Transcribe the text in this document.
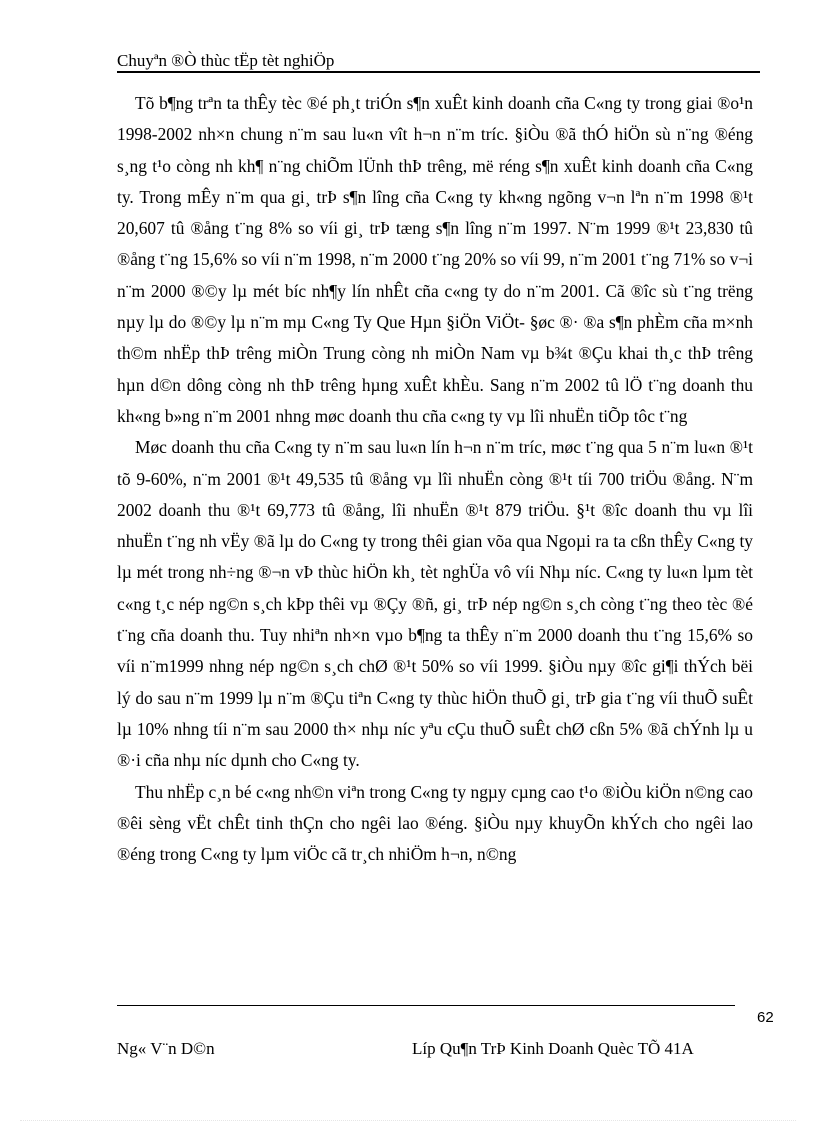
Chuyªn ®Ò thùc tËp tèt nghiÖp

Tõ b¶ng trªn ta thÊy tèc ®é ph¸t triÓn s¶n xuÊt kinh doanh cña C«ng ty trong giai ®o¹n 1998-2002 nh×n chung n¨m sau lu«n vît h¬n n¨m tríc. §iÒu ®ã thÓ hiÖn sù n¨ng ®éng s¸ng t¹o còng nh kh¶ n¨ng chiÕm lÜnh thÞ trêng, më réng s¶n xuÊt kinh doanh cña C«ng ty. Trong mÊy n¨m qua gi¸ trÞ s¶n lîng cña C«ng ty kh«ng ngõng v¬n lªn n¨m 1998 ®¹t 20,607 tû ®ång t¨ng 8% so víi gi¸ trÞ tæng s¶n lîng n¨m 1997. N¨m 1999 ®¹t 23,830 tû ®ång t¨ng 15,6% so víi n¨m 1998, n¨m 2000 t¨ng 20% so víi 99, n¨m 2001 t¨ng 71% so v¬i n¨m 2000 ®©y lµ mét bíc nh¶y lín nhÊt cña c«ng ty do n¨m 2001. Cã ®îc sù t¨ng trëng nµy lµ do ®©y lµ n¨m mµ C«ng Ty Que Hµn §iÖn ViÖt- §øc ®· ®a s¶n phÈm cña m×nh th©m nhËp thÞ trêng miÒn Trung còng nh miÒn Nam vµ b¾t ®Çu khai th¸c thÞ trêng hµn d©n dông còng nh thÞ trêng hµng xuÊt khÈu. Sang n¨m 2002 tû lÖ t¨ng doanh thu kh«ng b»ng n¨m 2001 nhng møc doanh thu cña c«ng ty vµ lîi nhuËn tiÕp tôc t¨ng

Møc doanh thu cña C«ng ty n¨m sau lu«n lín h¬n n¨m tríc, møc t¨ng qua 5 n¨m lu«n ®¹t tõ 9-60%, n¨m 2001 ®¹t 49,535 tû ®ång vµ lîi nhuËn còng ®¹t tíi 700 triÖu ®ång. N¨m 2002 doanh thu ®¹t 69,773 tû ®ång, lîi nhuËn ®¹t 879 triÖu. §¹t ®îc doanh thu vµ lîi nhuËn t¨ng nh vËy ®ã lµ do C«ng ty trong thêi gian võa qua Ngoµi ra ta cßn thÊy C«ng ty lµ mét trong nh÷ng ®¬n vÞ thùc hiÖn kh¸ tèt nghÜa vô víi Nhµ níc. C«ng ty lu«n lµm tèt c«ng t¸c nép ng©n s¸ch kÞp thêi vµ ®Çy ®ñ, gi¸ trÞ nép ng©n s¸ch còng t¨ng theo tèc ®é t¨ng cña doanh thu. Tuy nhiªn nh×n vµo b¶ng ta thÊy n¨m 2000 doanh thu t¨ng 15,6% so víi n¨m1999 nhng nép ng©n s¸ch chØ ®¹t 50% so víi 1999. §iÒu nµy ®îc gi¶i thÝch bëi lý do sau n¨m 1999 lµ n¨m ®Çu tiªn C«ng ty thùc hiÖn thuÕ gi¸ trÞ gia t¨ng víi thuÕ suÊt lµ 10% nhng tíi n¨m sau 2000 th× nhµ níc yªu cÇu thuÕ suÊt chØ cßn 5% ®ã chÝnh lµ u ®·i cña nhµ níc dµnh cho C«ng ty.

Thu nhËp c¸n bé c«ng nh©n viªn trong C«ng ty ngµy cµng cao t¹o ®iÒu kiÖn n©ng cao ®êi sèng vËt chÊt tinh thÇn cho ngêi lao ®éng. §iÒu nµy khuyÕn khÝch cho ngêi lao ®éng trong C«ng ty lµm viÖc cã tr¸ch nhiÖm h¬n, n©ng

62
Ng« V¨n D©n	Líp Qu¶n TrÞ Kinh Doanh Quèc TÕ 41A
